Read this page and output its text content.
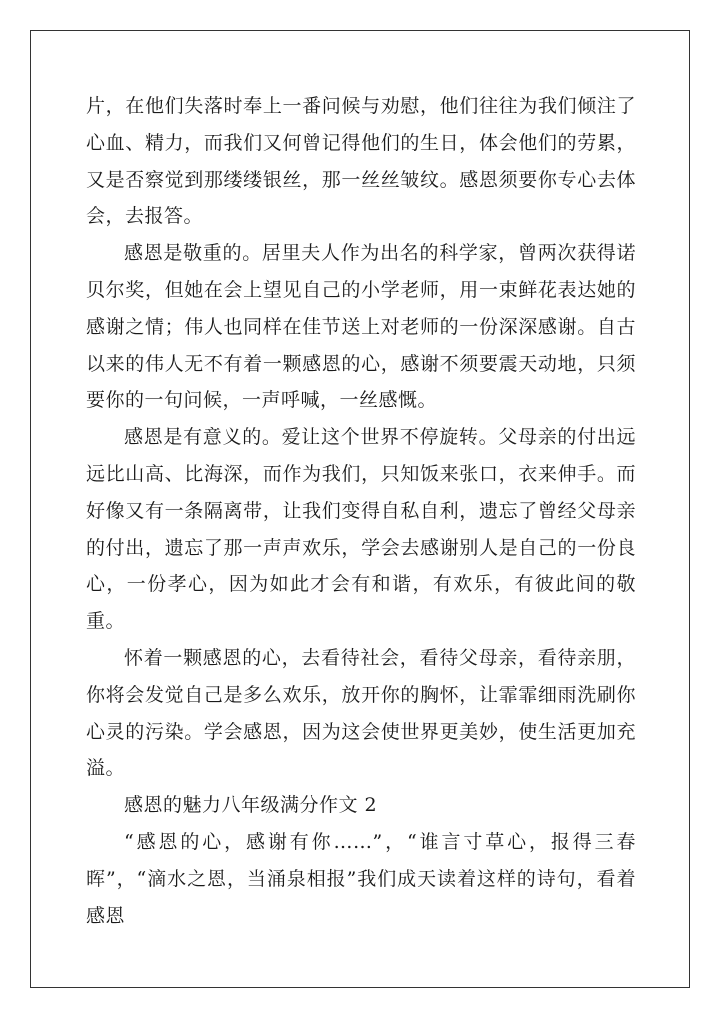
片，在他们失落时奉上一番问候与劝慰，他们往往为我们倾注了心血、精力，而我们又何曾记得他们的生日，体会他们的劳累，又是否察觉到那缕缕银丝，那一丝丝皱纹。感恩须要你专心去体会，去报答。

感恩是敬重的。居里夫人作为出名的科学家，曾两次获得诺贝尔奖，但她在会上望见自己的小学老师，用一束鲜花表达她的感谢之情；伟人也同样在佳节送上对老师的一份深深感谢。自古以来的伟人无不有着一颗感恩的心，感谢不须要震天动地，只须要你的一句问候，一声呼喊，一丝感慨。

感恩是有意义的。爱让这个世界不停旋转。父母亲的付出远远比山高、比海深，而作为我们，只知饭来张口，衣来伸手。而好像又有一条隔离带，让我们变得自私自利，遗忘了曾经父母亲的付出，遗忘了那一声声欢乐，学会去感谢别人是自己的一份良心，一份孝心，因为如此才会有和谐，有欢乐，有彼此间的敬重。

怀着一颗感恩的心，去看待社会，看待父母亲，看待亲朋，你将会发觉自己是多么欢乐，放开你的胸怀，让霏霏细雨洗刷你心灵的污染。学会感恩，因为这会使世界更美妙，使生活更加充溢。

感恩的魅力八年级满分作文 2

“感恩的心，感谢有你……”，“谁言寸草心，报得三春晖”，“滴水之恩，当涌泉相报”我们成天读着这样的诗句，看着感恩
